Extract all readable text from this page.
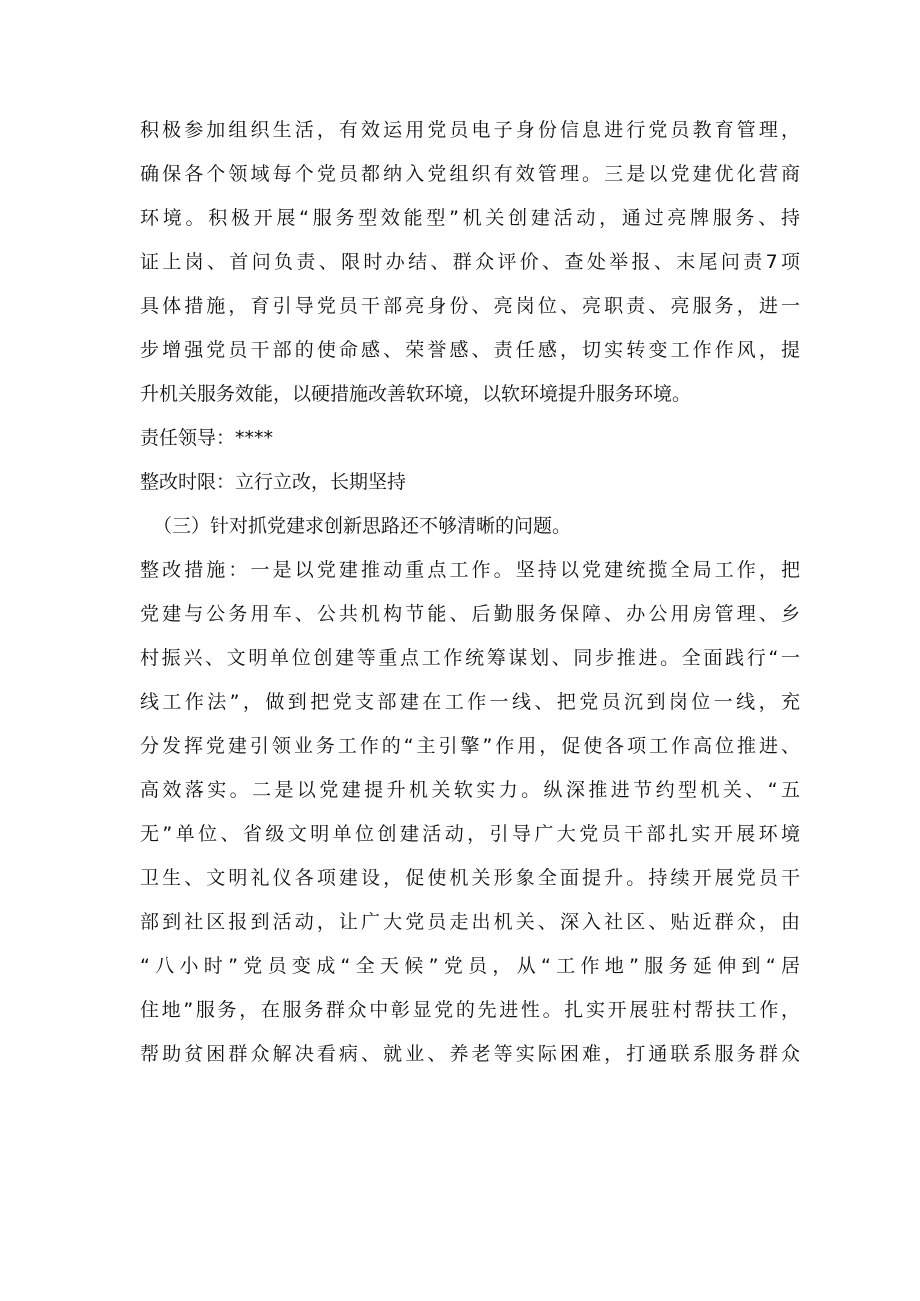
积极参加组织生活，有效运用党员电子身份信息进行党员教育管理，

确保各个领域每个党员都纳入党组织有效管理。三是以党建优化营商

环境。积极开展“服务型效能型”机关创建活动，通过亮牌服务、持

证上岗、首问负责、限时办结、群众评价、查处举报、末尾问责7项

具体措施，育引导党员干部亮身份、亮岗位、亮职责、亮服务，进一

步增强党员干部的使命感、荣誉感、责任感，切实转变工作作风，提

升机关服务效能，以硬措施改善软环境，以软环境提升服务环境。

责任领导：****

整改时限：立行立改，长期坚持

（三）针对抓党建求创新思路还不够清晰的问题。

整改措施：一是以党建推动重点工作。坚持以党建统揽全局工作，把

党建与公务用车、公共机构节能、后勤服务保障、办公用房管理、乡

村振兴、文明单位创建等重点工作统筹谋划、同步推进。全面践行“一

线工作法”，做到把党支部建在工作一线、把党员沉到岗位一线，充

分发挥党建引领业务工作的“主引擎”作用，促使各项工作高位推进、

高效落实。二是以党建提升机关软实力。纵深推进节约型机关、“五

无”单位、省级文明单位创建活动，引导广大党员干部扎实开展环境

卫生、文明礼仪各项建设，促使机关形象全面提升。持续开展党员干

部到社区报到活动，让广大党员走出机关、深入社区、贴近群众，由

“八小时”党员变成“全天候”党员，从“工作地”服务延伸到“居

住地”服务，在服务群众中彰显党的先进性。扎实开展驻村帮扶工作，

帮助贫困群众解决看病、就业、养老等实际困难，打通联系服务群众
